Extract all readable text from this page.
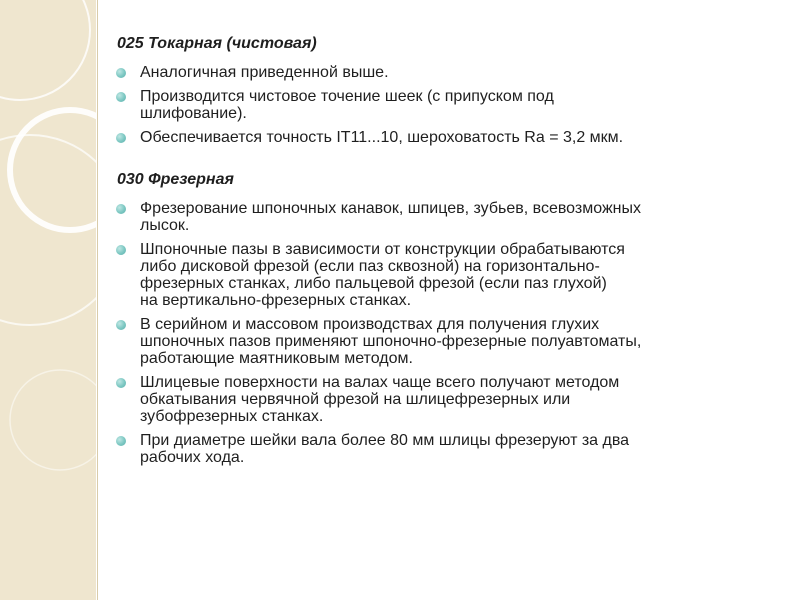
025 Токарная (чистовая)
Аналогичная приведенной выше.
Производится чистовое точение шеек (с припуском под
шлифование).
Обеспечивается точность IT11...10, шероховатость Ra = 3,2 мкм.
030 Фрезерная
Фрезерование шпоночных канавок, шпицев, зубьев, всевозможных
лысок.
Шпоночные пазы в зависимости от конструкции обрабатываются
либо дисковой фрезой (если паз сквозной) на горизонтально-
фрезерных станках, либо пальцевой фрезой (если паз глухой)
на вертикально-фрезерных станках.
В серийном и массовом производствах для получения глухих
шпоночных пазов применяют шпоночно-фрезерные полуавтоматы,
работающие маятниковым методом.
Шлицевые поверхности на валах чаще всего получают методом
обкатывания червячной фрезой на шлицефрезерных или
зубофрезерных станках.
При диаметре шейки вала более 80 мм шлицы фрезеруют за два
рабочих хода.
